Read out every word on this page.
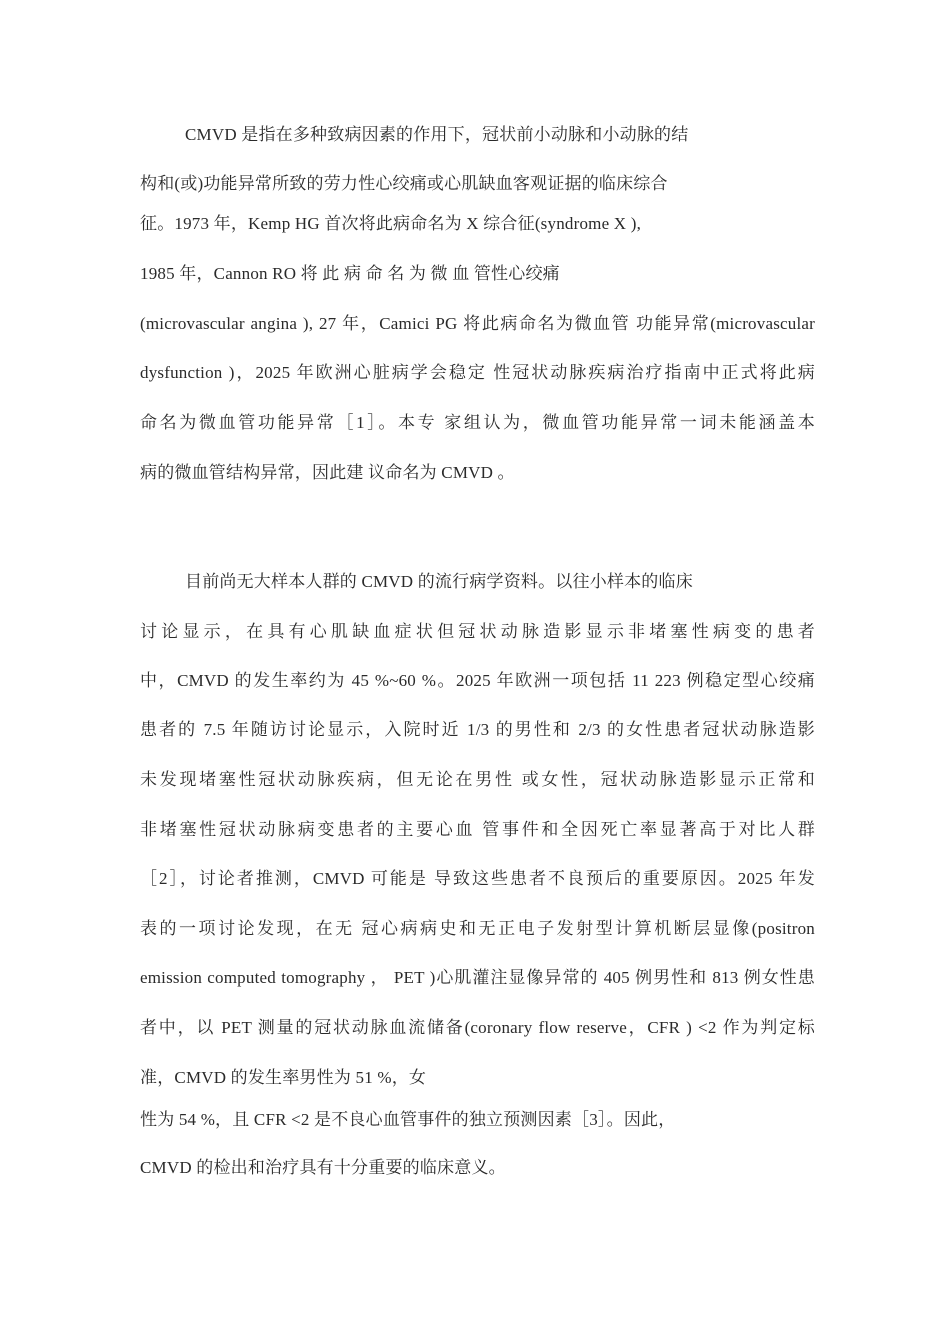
CMVD 是指在多种致病因素的作用下，冠状前小动脉和小动脉的结

构和(或)功能异常所致的劳力性心绞痛或心肌缺血客观证据的临床综合

征。1973 年，Kemp HG 首次将此病命名为 X 综合征(syndrome X ),

1985 年，Cannon RO 将 此 病 命 名 为 微 血 管性心绞痛

(microvascular angina ), 27 年，Camici PG 将此病命名为微血管 功能异常(microvascular

dysfunction )，2025 年欧洲心脏病学会稳定 性冠状动脉疾病治疗指南中正式将此病

命名为微血管功能异常［1］。本专 家组认为，微血管功能异常一词未能涵盖本

病的微血管结构异常，因此建 议命名为 CMVD 。

目前尚无大样本人群的 CMVD 的流行病学资料。以往小样本的临床

讨论显示，在具有心肌缺血症状但冠状动脉造影显示非堵塞性病变的患者

中，CMVD 的发生率约为 45 %~60 %。2025 年欧洲一项包括 11 223 例稳定型心绞痛

患者的 7.5 年随访讨论显示，入院时近 1/3 的男性和 2/3 的女性患者冠状动脉造影

未发现堵塞性冠状动脉疾病，但无论在男性 或女性，冠状动脉造影显示正常和

非堵塞性冠状动脉病变患者的主要心血 管事件和全因死亡率显著高于对比人群

［2］，讨论者推测，CMVD 可能是 导致这些患者不良预后的重要原因。2025 年发

表的一项讨论发现，在无 冠心病病史和无正电子发射型计算机断层显像(positron

emission computed tomography ， PET )心肌灌注显像异常的 405 例男性和 813 例女性患

者中，以 PET 测量的冠状动脉血流储备(coronary flow reserve，CFR ) <2 作为判定标

准，CMVD 的发生率男性为 51 %，女

性为 54 %，且 CFR <2 是不良心血管事件的独立预测因素［3］。因此，

CMVD 的检出和治疗具有十分重要的临床意义。
